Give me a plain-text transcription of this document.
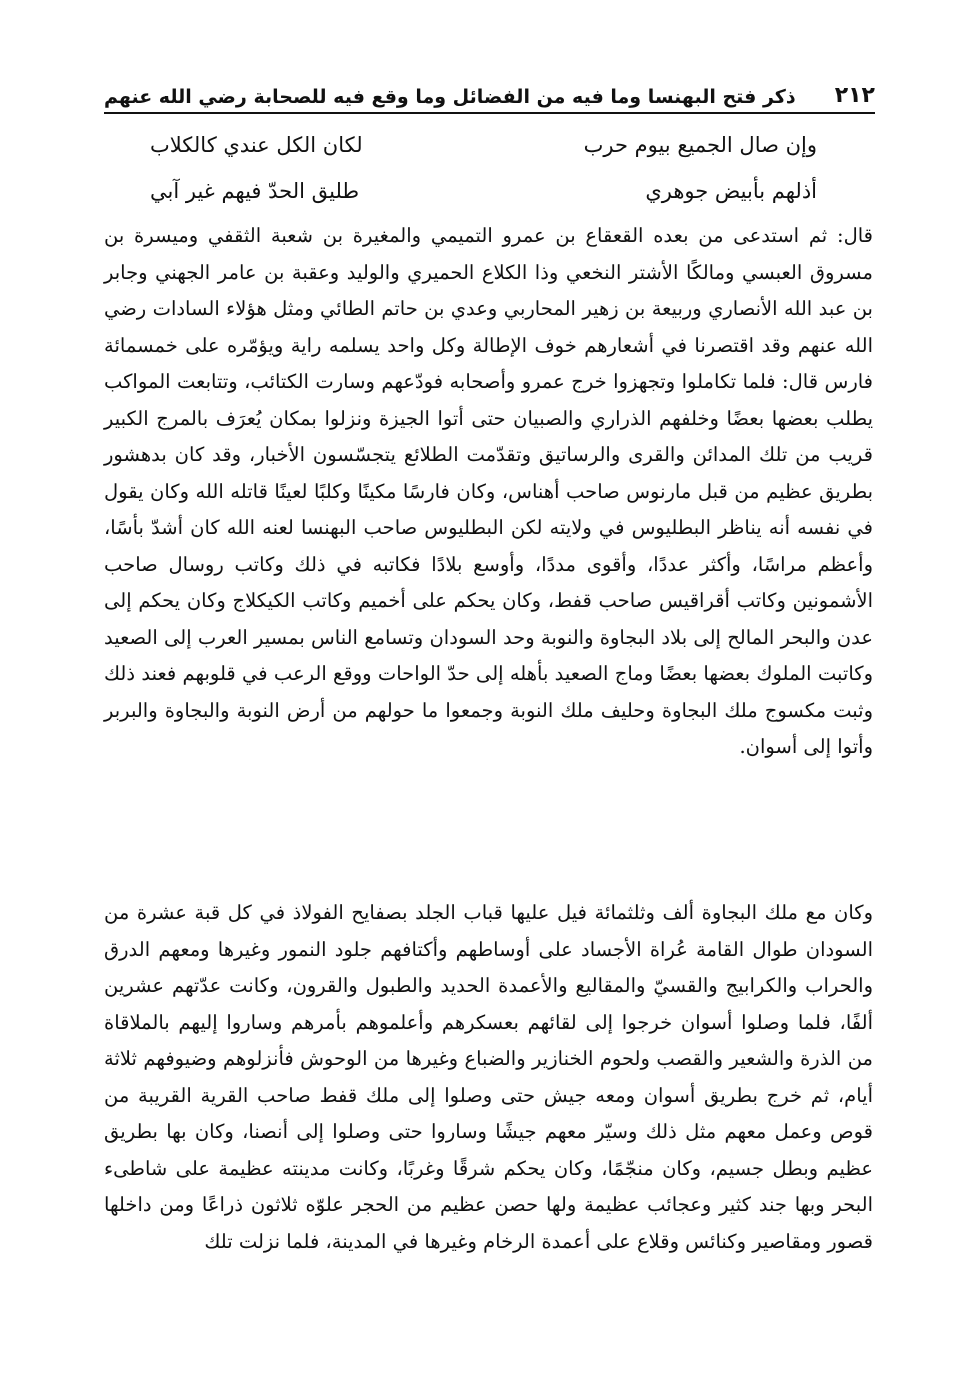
٢١٢
ذكر فتح البهنسا وما فيه من الفضائل وما وقع فيه للصحابة رضي الله عنهم
وإن صال الجميع بيوم حرب
لكان الكل عندي كالكلاب
أذلهم بأبيض جوهري
طليق الحدّ فيهم غير آبي

قال: ثم استدعى من بعده القعقاع بن عمرو التميمي والمغيرة بن شعبة الثقفي وميسرة بن مسروق العبسي ومالكًا الأشتر النخعي وذا الكلاع الحميري والوليد وعقبة بن عامر الجهني وجابر بن عبد الله الأنصاري وربيعة بن زهير المحاربي وعدي بن حاتم الطائي ومثل هؤلاء السادات رضي الله عنهم وقد اقتصرنا في أشعارهم خوف الإطالة وكل واحد يسلمه راية ويؤمّره على خمسمائة فارس قال: فلما تكاملوا وتجهزوا خرج عمرو وأصحابه فودّعهم وسارت الكتائب، وتتابعت المواكب يطلب بعضها بعضًا وخلفهم الذراري والصبيان حتى أتوا الجيزة ونزلوا بمكان يُعرَف بالمرج الكبير قريب من تلك المدائن والقرى والرساتيق وتقدّمت الطلائع يتجسّسون الأخبار، وقد كان بدهشور بطريق عظيم من قبل مارنوس صاحب أهناس، وكان فارسًا مكينًا وكلبًا لعينًا قاتله الله وكان يقول في نفسه أنه يناظر البطليوس في ولايته لكن البطليوس صاحب البهنسا لعنه الله كان أشدّ بأسًا، وأعظم مراسًا، وأكثر عددًا، وأقوى مددًا، وأوسع بلادًا فكاتبه في ذلك وكاتب روسال صاحب الأشمونين وكاتب أقراقيس صاحب قفط، وكان يحكم على أخميم وكاتب الكيكلاج وكان يحكم إلى عدن والبحر المالح إلى بلاد البجاوة والنوبة وحد السودان وتسامع الناس بمسير العرب إلى الصعيد وكاتبت الملوك بعضها بعضًا وماج الصعيد بأهله إلى حدّ الواحات ووقع الرعب في قلوبهم فعند ذلك وثبت مكسوج ملك البجاوة وحليف ملك النوبة وجمعوا ما حولهم من أرض النوبة والبجاوة والبربر وأتوا إلى أسوان.

وكان مع ملك البجاوة ألف وثلثمائة فيل عليها قباب الجلد بصفايح الفولاذ في كل قبة عشرة من السودان طوال القامة عُراة الأجساد على أوساطهم وأكتافهم جلود النمور وغيرها ومعهم الدرق والحراب والكرابيج والقسيّ والمقاليع والأعمدة الحديد والطبول والقرون، وكانت عدّتهم عشرين ألفًا، فلما وصلوا أسوان خرجوا إلى لقائهم بعسكرهم وأعلموهم بأمرهم وساروا إليهم بالملاقاة من الذرة والشعير والقصب ولحوم الخنازير والضباع وغيرها من الوحوش فأنزلوهم وضيوفهم ثلاثة أيام، ثم خرج بطريق أسوان ومعه جيش حتى وصلوا إلى ملك قفط صاحب القرية القريبة من قوص وعمل معهم مثل ذلك وسيّر معهم جيشًا وساروا حتى وصلوا إلى أنصنا، وكان بها بطريق عظيم وبطل جسيم، وكان منجّمًا، وكان يحكم شرقًا وغربًا، وكانت مدينته عظيمة على شاطىء البحر وبها جند كثير وعجائب عظيمة ولها حصن عظيم من الحجر علوّه ثلاثون ذراعًا ومن داخلها قصور ومقاصير وكنائس وقلاع على أعمدة الرخام وغيرها في المدينة، فلما نزلت تلك
